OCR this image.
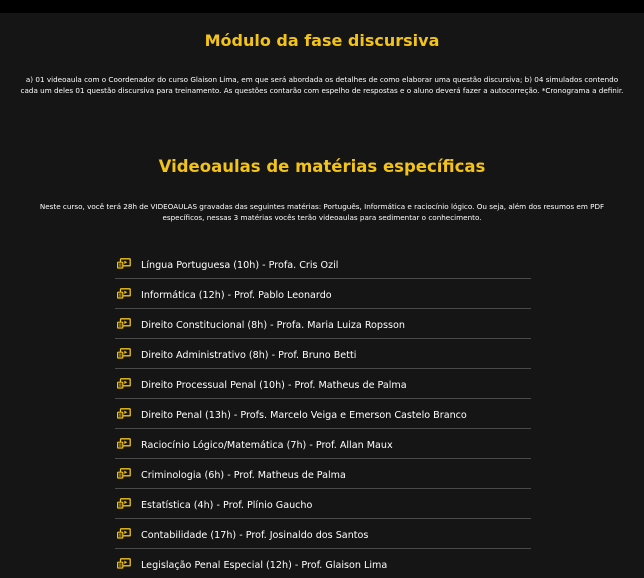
Módulo da fase discursiva

a) 01 videoaula com o Coordenador do curso Glaison Lima, em que será abordada os detalhes de como elaborar uma questão discursiva; b) 04 simulados contendo cada um deles 01 questão discursiva para treinamento. As questões contarão com espelho de respostas e o aluno deverá fazer a autocorreção. *Cronograma a definir.

Videoaulas de matérias específicas

Neste curso, você terá 28h de VIDEOAULAS gravadas das seguintes matérias: Português, Informática e raciocínio lógico. Ou seja, além dos resumos em PDF específicos, nessas 3 matérias vocês terão videoaulas para sedimentar o conhecimento.

Língua Portuguesa (10h) - Profa. Cris Ozil
Informática (12h) - Prof. Pablo Leonardo
Direito Constitucional (8h) - Profa. Maria Luiza Ropsson
Direito Administrativo (8h) - Prof. Bruno Betti
Direito Processual Penal (10h) - Prof. Matheus de Palma
Direito Penal (13h) - Profs. Marcelo Veiga e Emerson Castelo Branco
Raciocínio Lógico/Matemática (7h) - Prof. Allan Maux
Criminologia (6h) - Prof. Matheus de Palma
Estatística (4h) - Prof. Plínio Gaucho
Contabilidade (17h) - Prof. Josinaldo dos Santos
Legislação Penal Especial (12h) - Prof. Glaison Lima
